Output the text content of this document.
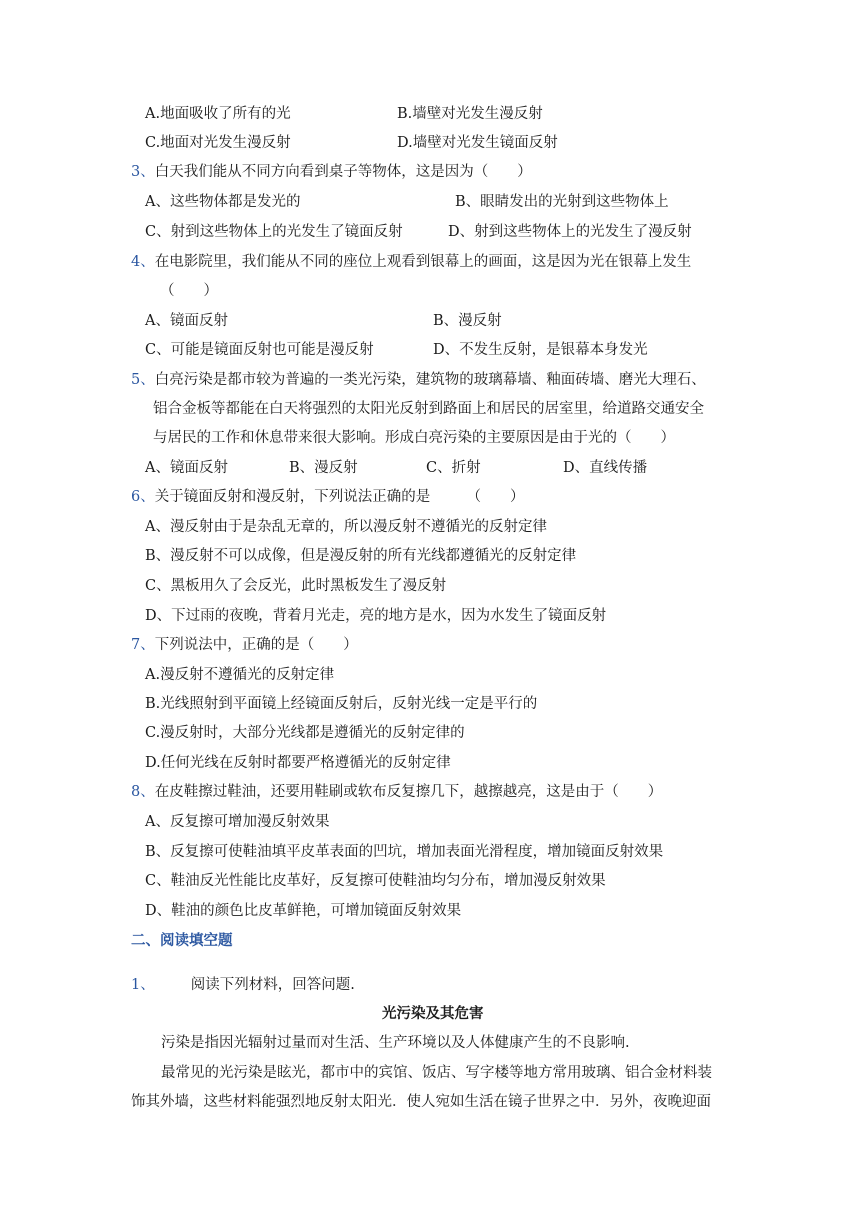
A.地面吸收了所有的光	B.墙壁对光发生漫反射
C.地面对光发生漫反射	D.墙壁对光发生镜面反射
3、白天我们能从不同方向看到桌子等物体，这是因为（　　）
A、这些物体都是发光的	B、眼睛发出的光射到这些物体上
C、射到这些物体上的光发生了镜面反射	D、射到这些物体上的光发生了漫反射
4、在电影院里，我们能从不同的座位上观看到银幕上的画面，这是因为光在银幕上发生
（　　）
A、镜面反射	B、漫反射
C、可能是镜面反射也可能是漫反射	D、不发生反射，是银幕本身发光
5、白亮污染是都市较为普遍的一类光污染，建筑物的玻璃幕墙、釉面砖墙、磨光大理石、
铝合金板等都能在白天将强烈的太阳光反射到路面上和居民的居室里，给道路交通安全
与居民的工作和休息带来很大影响。形成白亮污染的主要原因是由于光的（　　）
A、镜面反射	B、漫反射	C、折射	D、直线传播
6、关于镜面反射和漫反射，下列说法正确的是　　　（　　）
A、漫反射由于是杂乱无章的，所以漫反射不遵循光的反射定律
B、漫反射不可以成像，但是漫反射的所有光线都遵循光的反射定律
C、黑板用久了会反光，此时黑板发生了漫反射
D、下过雨的夜晚，背着月光走，亮的地方是水，因为水发生了镜面反射
7、下列说法中，正确的是（　　）
A.漫反射不遵循光的反射定律
B.光线照射到平面镜上经镜面反射后，反射光线一定是平行的
C.漫反射时，大部分光线都是遵循光的反射定律的
D.任何光线在反射时都要严格遵循光的反射定律
8、在皮鞋擦过鞋油，还要用鞋刷或软布反复擦几下，越擦越亮，这是由于（　　）
A、反复擦可增加漫反射效果
B、反复擦可使鞋油填平皮革表面的凹坑，增加表面光滑程度，增加镜面反射效果
C、鞋油反光性能比皮革好，反复擦可使鞋油均匀分布，增加漫反射效果
D、鞋油的颜色比皮革鲜艳，可增加镜面反射效果
二、阅读填空题
1、 阅读下列材料，回答问题.
光污染及其危害
污染是指因光辐射过量而对生活、生产环境以及人体健康产生的不良影响.
最常见的光污染是眩光，都市中的宾馆、饭店、写字楼等地方常用玻璃、铝合金材料装
饰其外墙，这些材料能强烈地反射太阳光．使人宛如生活在镜子世界之中．另外，夜晚迎面
